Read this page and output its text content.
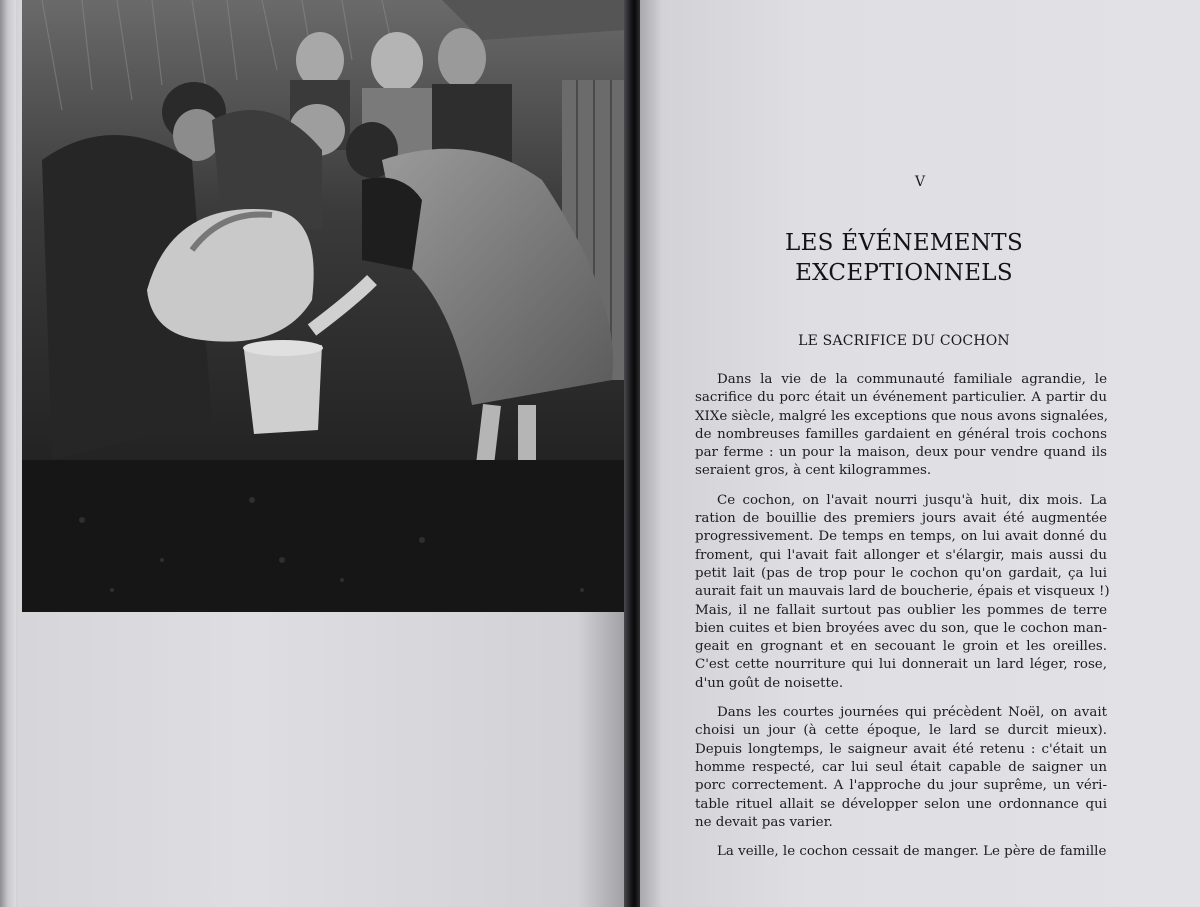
V
LES ÉVÉNEMENTS
EXCEPTIONNELS
LE SACRIFICE DU COCHON
Dans la vie de la communauté familiale agrandie, le
sacrifice du porc était un événement particulier. A partir du
XIXe siècle, malgré les exceptions que nous avons signalées,
de nombreuses familles gardaient en général trois cochons
par ferme : un pour la maison, deux pour vendre quand ils
seraient gros, à cent kilogrammes.
Ce cochon, on l'avait nourri jusqu'à huit, dix mois. La
ration de bouillie des premiers jours avait été augmentée
progressivement. De temps en temps, on lui avait donné du
froment, qui l'avait fait allonger et s'élargir, mais aussi du
petit lait (pas de trop pour le cochon qu'on gardait, ça lui
aurait fait un mauvais lard de boucherie, épais et visqueux !)
Mais, il ne fallait surtout pas oublier les pommes de terre
bien cuites et bien broyées avec du son, que le cochon man-
geait en grognant et en secouant le groin et les oreilles.
C'est cette nourriture qui lui donnerait un lard léger, rose,
d'un goût de noisette.
Dans les courtes journées qui précèdent Noël, on avait
choisi un jour (à cette époque, le lard se durcit mieux).
Depuis longtemps, le saigneur avait été retenu : c'était un
homme respecté, car lui seul était capable de saigner un
porc correctement. A l'approche du jour suprême, un véri-
table rituel allait se développer selon une ordonnance qui
ne devait pas varier.
La veille, le cochon cessait de manger. Le père de famille
